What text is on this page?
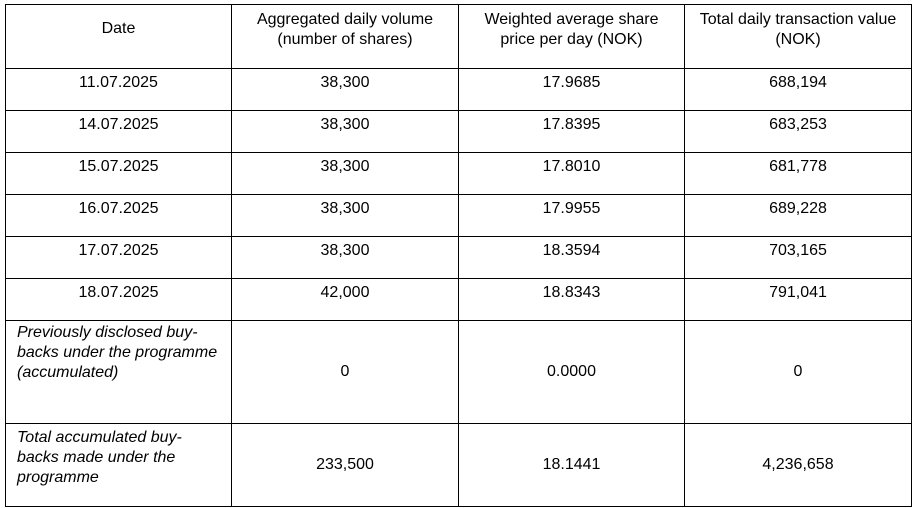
Date	Aggregated daily volume (number of shares)	Weighted average share price per day (NOK)	Total daily transaction value (NOK)
11.07.2025	38,300	17.9685	688,194
14.07.2025	38,300	17.8395	683,253
15.07.2025	38,300	17.8010	681,778
16.07.2025	38,300	17.9955	689,228
17.07.2025	38,300	18.3594	703,165
18.07.2025	42,000	18.8343	791,041
Previously disclosed buy-backs under the programme (accumulated)	0	0.0000	0
Total accumulated buy-backs made under the programme	233,500	18.1441	4,236,658
